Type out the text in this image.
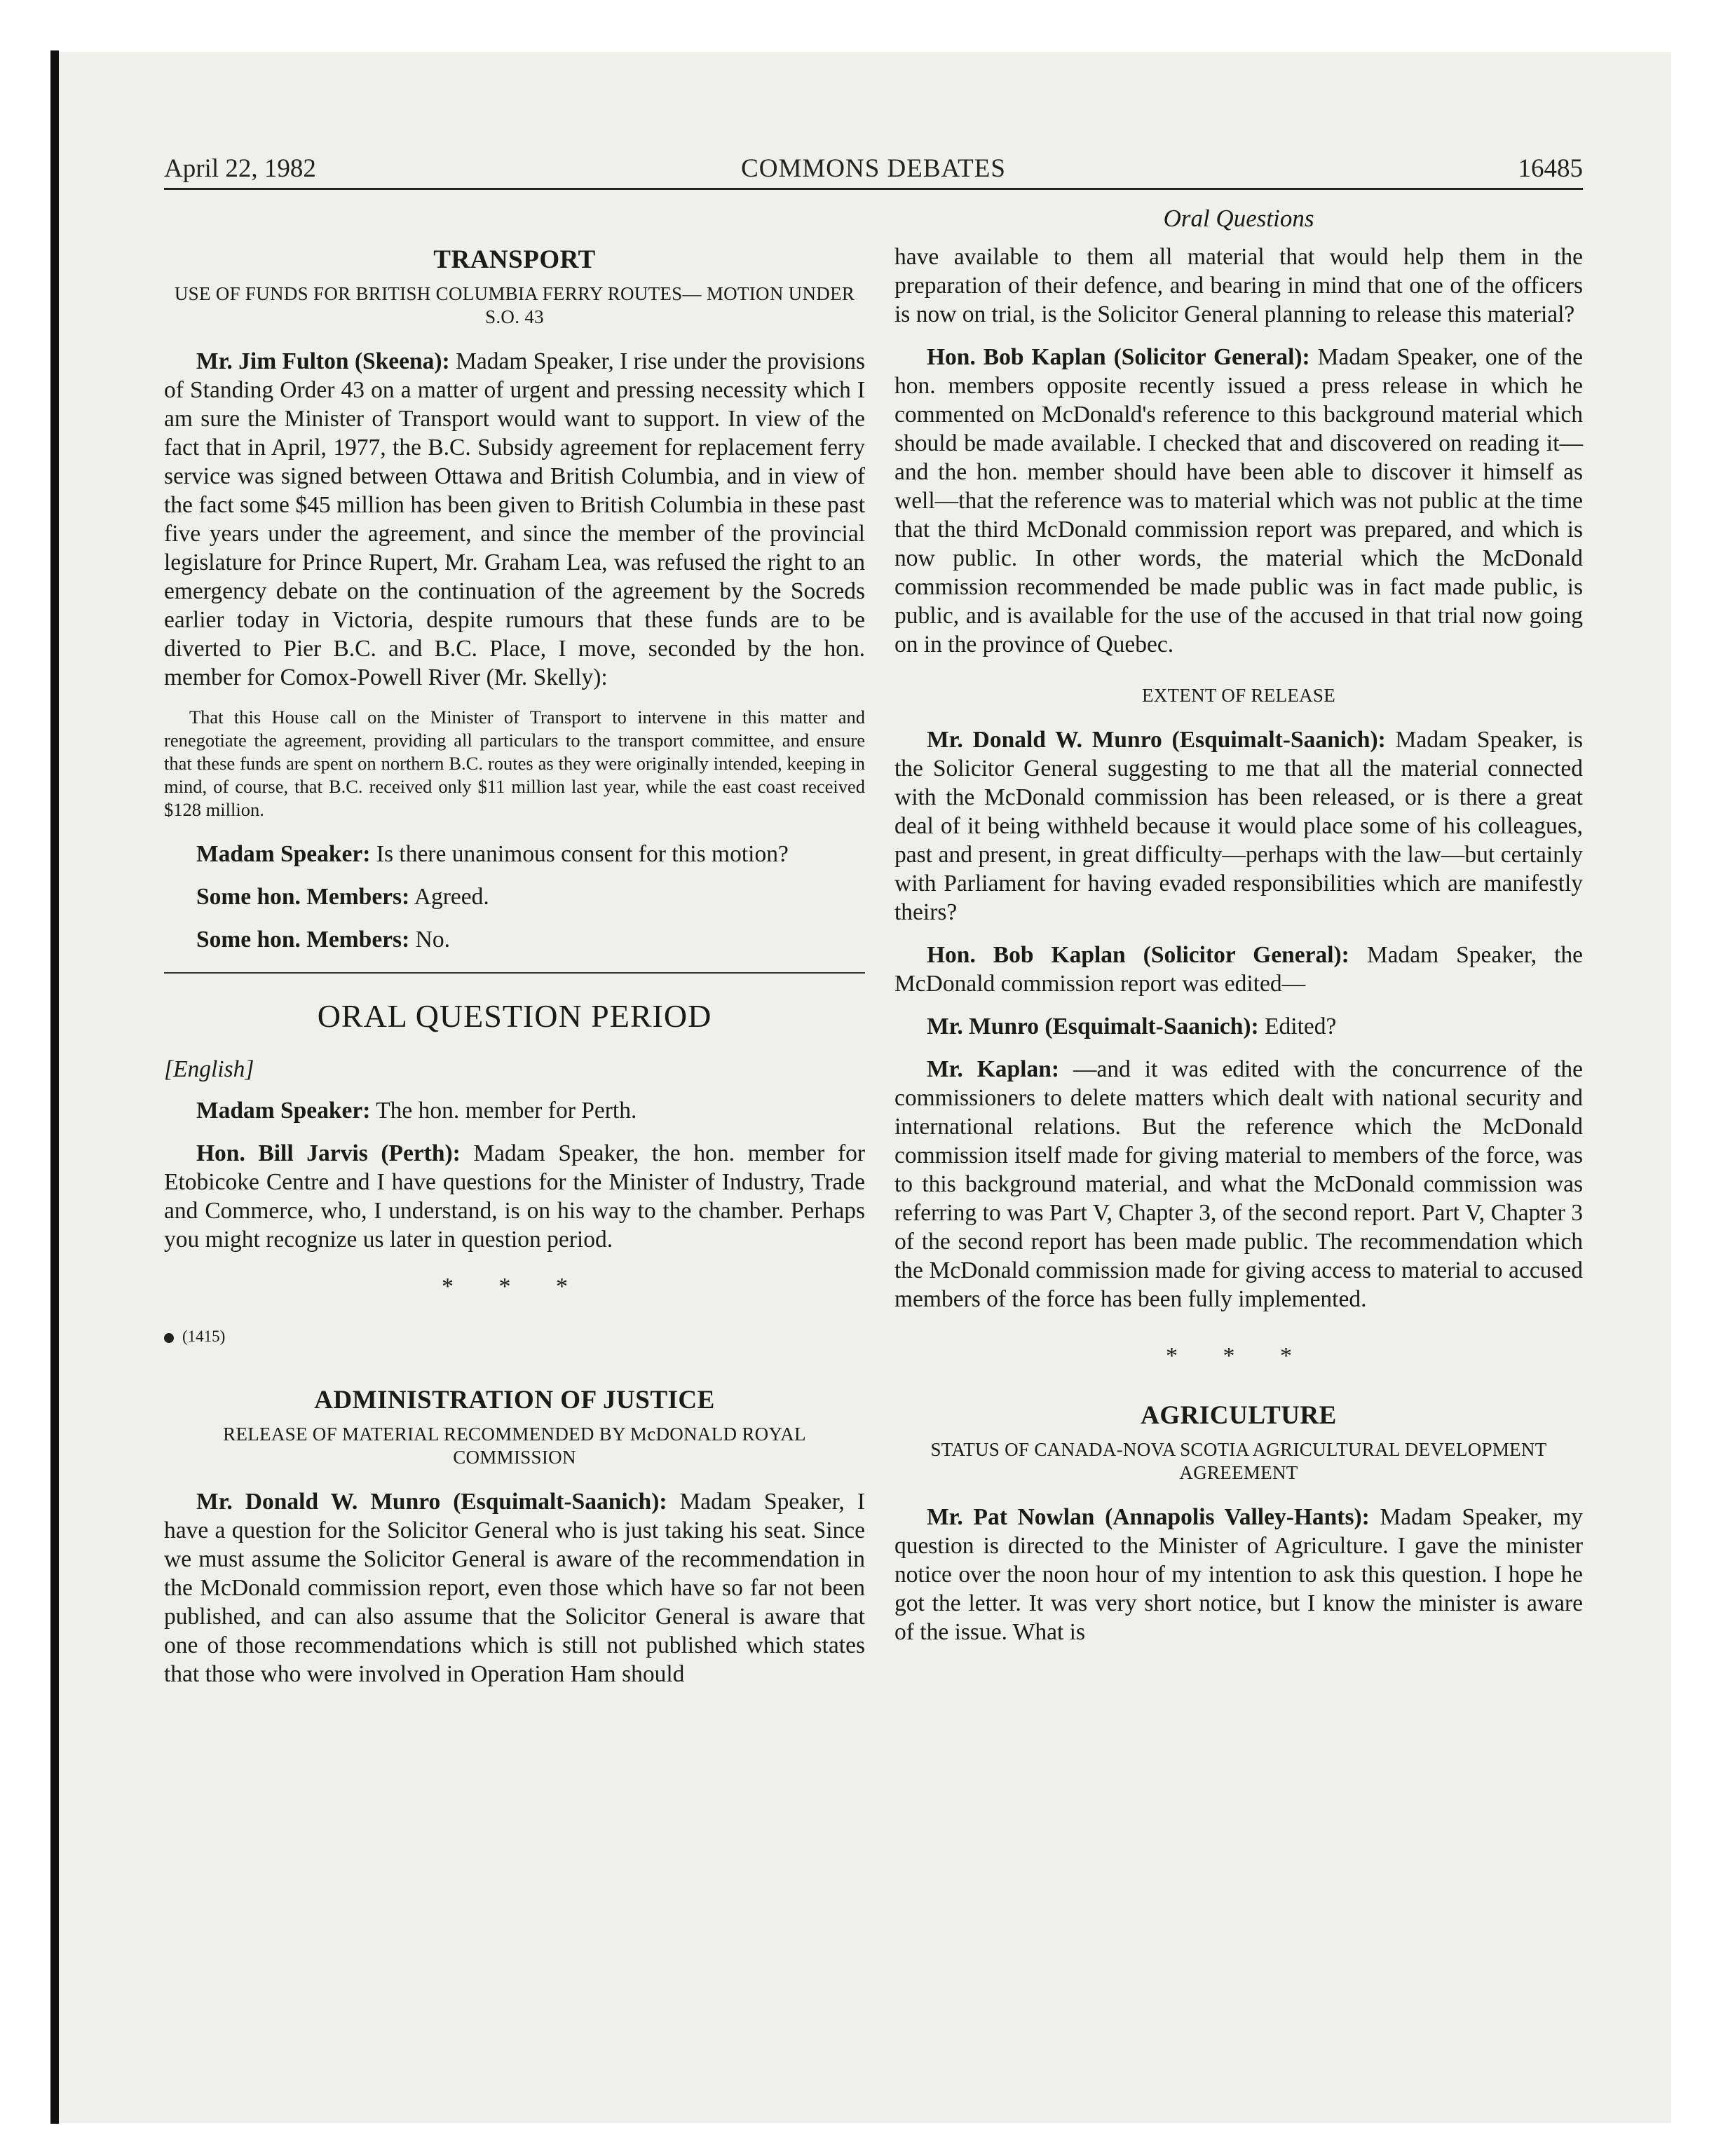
April 22, 1982	COMMONS DEBATES	16485
TRANSPORT
USE OF FUNDS FOR BRITISH COLUMBIA FERRY ROUTES— MOTION UNDER S.O. 43

Mr. Jim Fulton (Skeena): Madam Speaker, I rise under the provisions of Standing Order 43 on a matter of urgent and pressing necessity which I am sure the Minister of Transport would want to support. In view of the fact that in April, 1977, the B.C. Subsidy agreement for replacement ferry service was signed between Ottawa and British Columbia, and in view of the fact some $45 million has been given to British Columbia in these past five years under the agreement, and since the member of the provincial legislature for Prince Rupert, Mr. Graham Lea, was refused the right to an emergency debate on the continuation of the agreement by the Socreds earlier today in Victoria, despite rumours that these funds are to be diverted to Pier B.C. and B.C. Place, I move, seconded by the hon. member for Comox-Powell River (Mr. Skelly):

That this House call on the Minister of Transport to intervene in this matter and renegotiate the agreement, providing all particulars to the transport committee, and ensure that these funds are spent on northern B.C. routes as they were originally intended, keeping in mind, of course, that B.C. received only $11 million last year, while the east coast received $128 million.

Madam Speaker: Is there unanimous consent for this motion?

Some hon. Members: Agreed.

Some hon. Members: No.

ORAL QUESTION PERIOD
[English]

Madam Speaker: The hon. member for Perth.

Hon. Bill Jarvis (Perth): Madam Speaker, the hon. member for Etobicoke Centre and I have questions for the Minister of Industry, Trade and Commerce, who, I understand, is on his way to the chamber. Perhaps you might recognize us later in question period.

* * *
(1415)
ADMINISTRATION OF JUSTICE
RELEASE OF MATERIAL RECOMMENDED BY McDONALD ROYAL COMMISSION

Mr. Donald W. Munro (Esquimalt-Saanich): Madam Speaker, I have a question for the Solicitor General who is just taking his seat. Since we must assume the Solicitor General is aware of the recommendation in the McDonald commission report, even those which have so far not been published, and can also assume that the Solicitor General is aware that one of those recommendations which is still not published which states that those who were involved in Operation Ham should

Oral Questions

have available to them all material that would help them in the preparation of their defence, and bearing in mind that one of the officers is now on trial, is the Solicitor General planning to release this material?

Hon. Bob Kaplan (Solicitor General): Madam Speaker, one of the hon. members opposite recently issued a press release in which he commented on McDonald's reference to this background material which should be made available. I checked that and discovered on reading it—and the hon. member should have been able to discover it himself as well—that the reference was to material which was not public at the time that the third McDonald commission report was prepared, and which is now public. In other words, the material which the McDonald commission recommended be made public was in fact made public, is public, and is available for the use of the accused in that trial now going on in the province of Quebec.

EXTENT OF RELEASE

Mr. Donald W. Munro (Esquimalt-Saanich): Madam Speaker, is the Solicitor General suggesting to me that all the material connected with the McDonald commission has been released, or is there a great deal of it being withheld because it would place some of his colleagues, past and present, in great difficulty—perhaps with the law—but certainly with Parliament for having evaded responsibilities which are manifestly theirs?

Hon. Bob Kaplan (Solicitor General): Madam Speaker, the McDonald commission report was edited—

Mr. Munro (Esquimalt-Saanich): Edited?

Mr. Kaplan: —and it was edited with the concurrence of the commissioners to delete matters which dealt with national security and international relations. But the reference which the McDonald commission itself made for giving material to members of the force, was to this background material, and what the McDonald commission was referring to was Part V, Chapter 3, of the second report. Part V, Chapter 3 of the second report has been made public. The recommendation which the McDonald commission made for giving access to material to accused members of the force has been fully implemented.

* * *
AGRICULTURE
STATUS OF CANADA-NOVA SCOTIA AGRICULTURAL DEVELOPMENT AGREEMENT

Mr. Pat Nowlan (Annapolis Valley-Hants): Madam Speaker, my question is directed to the Minister of Agriculture. I gave the minister notice over the noon hour of my intention to ask this question. I hope he got the letter. It was very short notice, but I know the minister is aware of the issue. What is
